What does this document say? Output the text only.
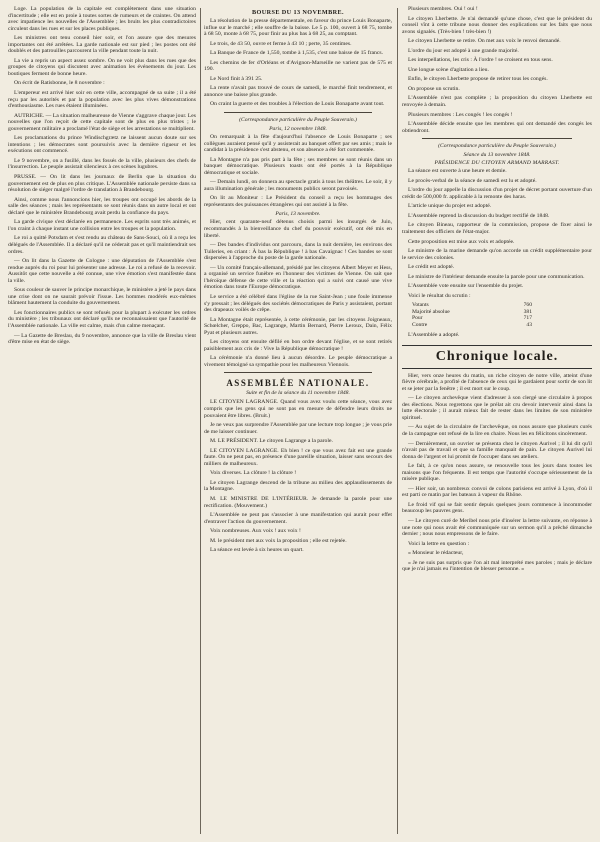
Loge. La population de la capitale est complètement dans une situation d'incertitude ; elle est en proie à toutes sortes de rumeurs et de craintes. On attend avec impatience les nouvelles de l'Assemblée ; les bruits les plus contradictoires circulent dans les rues et sur les places publiques.

Les ministres ont tenu conseil hier soir, et l'on assure que des mesures importantes ont été arrêtées. La garde nationale est sur pied ; les postes ont été doublés et des patrouilles parcourent la ville pendant toute la nuit.

La vie a repris un aspect assez sombre. On ne voit plus dans les rues que des groupes de citoyens qui discutent avec animation les événements du jour. Les boutiques ferment de bonne heure.

On écrit de Ratisbonne, le 8 novembre :

L'empereur est arrivé hier soir en cette ville, accompagné de sa suite ; il a été reçu par les autorités et par la population avec les plus vives démonstrations d'enthousiasme. Les rues étaient illuminées.

AUTRICHE. — La situation malheureuse de Vienne s'aggrave chaque jour. Les nouvelles que l'on reçoit de cette capitale sont de plus en plus tristes ; le gouvernement militaire a proclamé l'état de siège et les arrestations se multiplient.

Les proclamations du prince Windischgrætz ne laissent aucun doute sur ses intentions ; les démocrates sont poursuivis avec la dernière rigueur et les exécutions ont commencé.

Le 9 novembre, on a fusillé, dans les fossés de la ville, plusieurs des chefs de l'insurrection. Le peuple assistait silencieux à ces scènes lugubres.

PRUSSE. — On lit dans les journaux de Berlin que la situation du gouvernement est de plus en plus critique. L'Assemblée nationale persiste dans sa résolution de siéger malgré l'ordre de translation à Brandebourg.

Ainsi, comme nous l'annoncions hier, les troupes ont occupé les abords de la salle des séances ; mais les représentants se sont réunis dans un autre local et ont déclaré que le ministère Brandebourg avait perdu la confiance du pays.

La garde civique s'est déclarée en permanence. Les esprits sont très animés, et l'on craint à chaque instant une collision entre les troupes et la population.

Le roi a quitté Potsdam et s'est rendu au château de Sans-Souci, où il a reçu les délégués de l'Assemblée. Il a déclaré qu'il ne céderait pas et qu'il maintiendrait ses ordres.

— On lit dans la Gazette de Cologne : une députation de l'Assemblée s'est rendue auprès du roi pour lui présenter une adresse. Le roi a refusé de la recevoir. Aussitôt que cette nouvelle a été connue, une vive émotion s'est manifestée dans la ville.

Sous couleur de sauver le principe monarchique, le ministère a jeté le pays dans une crise dont on ne saurait prévoir l'issue. Les hommes modérés eux-mêmes blâment hautement la conduite du gouvernement.

Les fonctionnaires publics se sont refusés pour la plupart à exécuter les ordres du ministère ; les tribunaux ont déclaré qu'ils ne reconnaissaient que l'autorité de l'Assemblée nationale. La ville est calme, mais d'un calme menaçant.

— La Gazette de Breslau, du 9 novembre, annonce que la ville de Breslau vient d'être mise en état de siège.

BOURSE DU 13 NOVEMBRE.

La résolution de la presse départementale, en faveur du prince Louis Bonaparte, influe sur le marché ; elle souffre de la baisse. Le 5 p. 100, ouvert à 68 75, tombe à 68 50, monte à 68 75, pour finir au plus bas à 68 25, au comptant.

Le trois, de 43 50, ouvre et ferme à 43 10 ; perte, 35 centimes.

La Banque de France de 1,550, tombe à 1,535, c'est une baisse de 15 francs.

Les chemins de fer d'Orléans et d'Avignon-Marseille ne varient pas de 575 et 190.

Le Nord finit à 391 25.

La rente n'avait pas trouvé de cours de samedi, le marché finit tendrement, et annonce une baisse plus grande.

On craint la guerre et des troubles à l'élection de Louis Bonaparte avant tout.

(Correspondance particulière du Peuple Souverain.)
Paris, 12 novembre 1848.

On remarquait à la fête d'aujourd'hui l'absence de Louis Bonaparte ; ses collègues auraient pensé qu'il y assisterait au banquet offert par ses amis ; mais le candidat à la présidence s'est abstenu, et son absence a été fort commentée.

La Montagne n'a pas pris part à la fête ; ses membres se sont réunis dans un banquet démocratique. Plusieurs toasts ont été portés à la République démocratique et sociale.

— Demain lundi, on donnera au spectacle gratis à tous les théâtres. Le soir, il y aura illumination générale ; les monuments publics seront pavoisés.

On lit au Moniteur : Le Président du conseil a reçu les hommages des représentants des puissances étrangères qui ont assisté à la fête.

Paris, 13 novembre.

Hier, cent quarante-neuf détenus choisis parmi les insurgés de Juin, recommandés à la bienveillance du chef du pouvoir exécutif, ont été mis en liberté.

— Des bandes d'individus ont parcouru, dans la nuit dernière, les environs des Tuileries, en criant : À bas la République ! à bas Cavaignac ! Ces bandes se sont dispersées à l'approche du poste de la garde nationale.

— Un comité français-allemand, présidé par les citoyens Albert Meyer et Hess, a organisé un service funèbre en l'honneur des victimes de Vienne. On sait que l'héroïque défense de cette ville et la réaction qui a suivi ont causé une vive émotion dans toute l'Europe démocratique.

Le service a été célébré dans l'église de la rue Saint-Jean ; une foule immense s'y pressait ; les délégués des sociétés démocratiques de Paris y assistaient, portant des drapeaux voilés de crêpe.

La Montagne était représentée, à cette cérémonie, par les citoyens Joigneaux, Schœlcher, Greppo, Bac, Lagrange, Martin Bernard, Pierre Leroux, Dain, Félix Pyat et plusieurs autres.

Les citoyens ont ensuite défilé en bon ordre devant l'église, et se sont retirés paisiblement aux cris de : Vive la République démocratique !

La cérémonie n'a donné lieu à aucun désordre. Le peuple démocratique a vivement témoigné sa sympathie pour les malheureux Viennois.

ASSEMBLÉE NATIONALE.
Suite et fin de la séance du 11 novembre 1848.

LE CITOYEN LAGRANGE. Quand vous avez voulu cette séance, vous avez compris que les gens qui ne sont pas en mesure de défendre leurs droits ne pouvaient être libres. (Bruit.)

Je ne veux pas surprendre l'Assemblée par une lecture trop longue ; je vous prie de me laisser continuer.

M. LE PRÉSIDENT. Le citoyen Lagrange a la parole.

LE CITOYEN LAGRANGE. Eh bien ! ce que vous avez fait est une grande faute. On ne peut pas, en présence d'une pareille situation, laisser sans secours des milliers de malheureux.

Voix diverses. La clôture ! la clôture !

Le citoyen Lagrange descend de la tribune au milieu des applaudissements de la Montagne.

M. LE MINISTRE DE L'INTÉRIEUR. Je demande la parole pour une rectification. (Mouvement.)

L'Assemblée ne peut pas s'associer à une manifestation qui aurait pour effet d'entraver l'action du gouvernement.

Voix nombreuses. Aux voix ! aux voix !

M. le président met aux voix la proposition ; elle est rejetée.

La séance est levée à six heures un quart.

Plusieurs membres. Oui ! oui !

Le citoyen Lherbette. Je n'ai demandé qu'une chose, c'est que le président du conseil vînt à cette tribune nous donner des explications sur les faits que nous avons signalés. (Très-bien ! très-bien !)

Le citoyen Lherbette se retire. On met aux voix le renvoi demandé.

L'ordre du jour est adopté à une grande majorité.

Les interpellations, les cris : À l'ordre ! se croisent en tous sens.

Une longue scène d'agitation a lieu.

Enfin, le citoyen Lherbette propose de retirer tous les congés.

On propose un scrutin.

L'Assemblée n'est pas complète ; la proposition du citoyen Lherbette est renvoyée à demain.

Plusieurs membres : Les congés ! les congés !

L'Assemblée décide ensuite que les membres qui ont demandé des congés les obtiendront.

(Correspondance particulière du Peuple Souverain.)
Séance du 13 novembre 1848.
PRÉSIDENCE DU CITOYEN ARMAND MARRAST.

La séance est ouverte à une heure et demie.

Le procès-verbal de la séance de samedi est lu et adopté.

L'ordre du jour appelle la discussion d'un projet de décret portant ouverture d'un crédit de 500,000 fr. applicable à la remonte des haras.

L'article unique du projet est adopté.

L'Assemblée reprend la discussion du budget rectifié de 1848.

Le citoyen Bineau, rapporteur de la commission, propose de fixer ainsi le traitement des officiers de l'état-major.

Cette proposition est mise aux voix et adoptée.

Le ministre de la marine demande qu'on accorde un crédit supplémentaire pour le service des colonies.

Le crédit est adopté.

Le ministre de l'intérieur demande ensuite la parole pour une communication.

L'Assemblée vote ensuite sur l'ensemble du projet.

Voici le résultat du scrutin :

Votants	760
Majorité absolue	381
Pour	717
Contre	43

L'Assemblée a adopté.

Chronique locale.

Hier, vers onze heures du matin, un riche citoyen de notre ville, atteint d'une fièvre cérébrale, a profité de l'absence de ceux qui le gardaient pour sortir de son lit et se jeter par la fenêtre ; il est mort sur le coup.

— Le citoyen archevêque vient d'adresser à son clergé une circulaire à propos des élections. Nous regrettons que le prélat ait cru devoir intervenir ainsi dans la lutte électorale ; il aurait mieux fait de rester dans les limites de son ministère spirituel.

— Au sujet de la circulaire de l'archevêque, on nous assure que plusieurs curés de la campagne ont refusé de la lire en chaire. Nous les en félicitons sincèrement.

— Dernièrement, un ouvrier se présenta chez le citoyen Aurivel ; il lui dit qu'il n'avait pas de travail et que sa famille manquait de pain. Le citoyen Aurivel lui donna de l'argent et lui promit de l'occuper dans ses ateliers.

Le fait, à ce qu'on nous assure, se renouvelle tous les jours dans toutes les maisons que l'on fréquente. Il est temps que l'autorité s'occupe sérieusement de la misère publique.

— Hier soir, un nombreux convoi de colons parisiens est arrivé à Lyon, d'où il est parti ce matin par les bateaux à vapeur du Rhône.

Le froid vif qui se fait sentir depuis quelques jours commence à incommoder beaucoup les pauvres gens.

— Le citoyen curé de Meribel nous prie d'insérer la lettre suivante, en réponse à une note qui nous avait été communiquée sur un sermon qu'il a prêché dimanche dernier ; nous nous empressons de le faire.

Voici la lettre en question :

« Monsieur le rédacteur,

« Je ne suis pas surpris que l'on ait mal interprété mes paroles ; mais je déclare que je n'ai jamais eu l'intention de blesser personne. »
